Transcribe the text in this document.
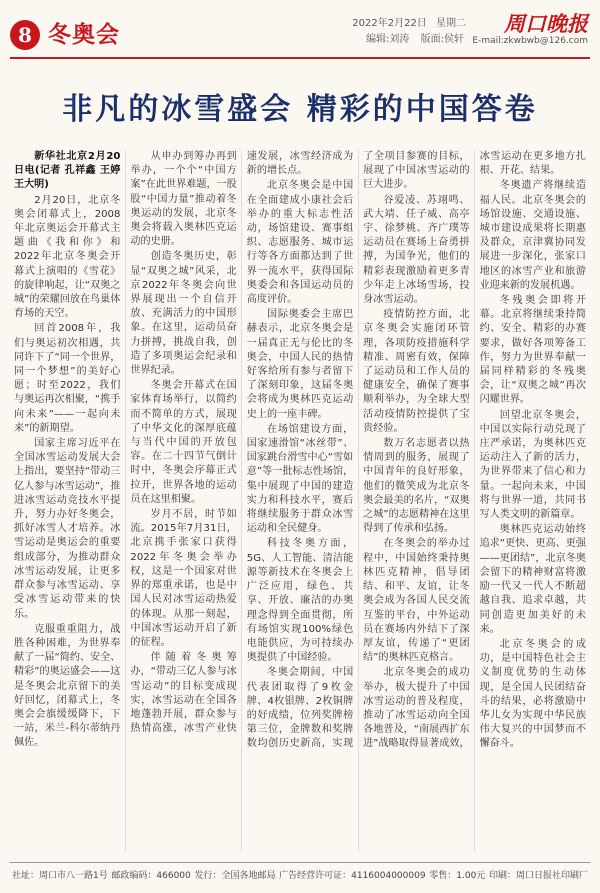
8 冬奥会	2022年2月22日 星期二
编辑:刘涛 版面:侯轩
周口晚报
E-mail:zkwbwb@126.com
非凡的冰雪盛会 精彩的中国答卷

新华社北京2月20日电(记者 孔祥鑫 王婷 王大明)

2月20日，北京冬奥会闭幕式上，2008年北京奥运会开幕式主题曲《我和你》和2022年北京冬奥会开幕式上演唱的《雪花》的旋律响起，让“双奥之城”的荣耀回放在鸟巢体育场的天空。

回首2008年，我们与奥运初次相遇，共同许下了“同一个世界，同一个梦想”的美好心愿；时至2022，我们与奥运再次相聚，“携手向未来”——一起向未来”的新期望。

国家主席习近平在全国冰雪运动发展大会上指出，要坚持“带动三亿人参与冰雪运动”，推进冰雪运动竞技水平提升，努力办好冬奥会，抓好冰雪人才培养。冰雪运动是奥运会的重要组成部分，为推动群众冰雪运动发展，让更多群众参与冰雪运动、享受冰雪运动带来的快乐。

克服重重阻力，战胜各种困难，为世界奉献了一届“简约、安全、精彩”的奥运盛会——这是冬奥会北京留下的美好回忆，闭幕式上，冬奥会会旗缓缓降下，下一站，米兰-科尔蒂纳丹佩佐。

从申办到筹办再到举办，一个个“中国方案”在此世界难题，一股股“中国力量”推动着冬奥运动的发展，北京冬奥会将载入奥林匹克运动的史册。

创造冬奥历史，彰显“双奥之城”风采，北京2022年冬奥会向世界展现出一个自信开放、充满活力的中国形象。在这里，运动员奋力拼搏，挑战自我，创造了多项奥运会纪录和世界纪录。

冬奥会开幕式在国家体育场举行，以简约而不简单的方式，展现了中华文化的深厚底蕴与当代中国的开放包容。在二十四节气倒计时中，冬奥会序幕正式拉开，世界各地的运动员在这里相聚。

岁月不居，时节如流。2015年7月31日，北京携手张家口获得2022年冬奥会举办权，这是一个国家对世界的郑重承诺，也是中国人民对冰雪运动热爱的体现。从那一刻起，中国冰雪运动开启了新的征程。

伴随着冬奥筹办，“带动三亿人参与冰雪运动”的目标变成现实，冰雪运动在全国各地蓬勃开展，群众参与热情高涨，冰雪产业快速发展，冰雪经济成为新的增长点。

北京冬奥会是中国在全面建成小康社会后举办的重大标志性活动，场馆建设、赛事组织、志愿服务、城市运行等各方面都达到了世界一流水平，获得国际奥委会和各国运动员的高度评价。

国际奥委会主席巴赫表示，北京冬奥会是一届真正无与伦比的冬奥会，中国人民的热情好客给所有参与者留下了深刻印象，这届冬奥会将成为奥林匹克运动史上的一座丰碑。

在场馆建设方面，国家速滑馆“冰丝带”、国家跳台滑雪中心“雪如意”等一批标志性场馆，集中展现了中国的建造实力和科技水平，赛后将继续服务于群众冰雪运动和全民健身。

科技冬奥方面，5G、人工智能、清洁能源等新技术在冬奥会上广泛应用，绿色、共享、开放、廉洁的办奥理念得到全面贯彻，所有场馆实现100%绿色电能供应，为可持续办奥提供了中国经验。

冬奥会期间，中国代表团取得了9枚金牌、4枚银牌、2枚铜牌的好成绩，位列奖牌榜第三位，金牌数和奖牌数均创历史新高，实现了全项目参赛的目标，展现了中国冰雪运动的巨大进步。

谷爱凌、苏翊鸣、武大靖、任子威、高亭宇、徐梦桃、齐广璞等运动员在赛场上奋勇拼搏，为国争光，他们的精彩表现激励着更多青少年走上冰场雪场，投身冰雪运动。

疫情防控方面，北京冬奥会实施闭环管理，各项防疫措施科学精准、周密有效，保障了运动员和工作人员的健康安全，确保了赛事顺利举办，为全球大型活动疫情防控提供了宝贵经验。

数万名志愿者以热情周到的服务，展现了中国青年的良好形象，他们的微笑成为北京冬奥会最美的名片，“双奥之城”的志愿精神在这里得到了传承和弘扬。

在冬奥会的举办过程中，中国始终秉持奥林匹克精神，倡导团结、和平、友谊，让冬奥会成为各国人民交流互鉴的平台，中外运动员在赛场内外结下了深厚友谊，传递了“更团结”的奥林匹克格言。

北京冬奥会的成功举办，极大提升了中国冰雪运动的普及程度，推动了冰雪运动向全国各地普及，“南展西扩东进”战略取得显著成效，冰雪运动在更多地方扎根、开花、结果。

冬奥遗产将继续造福人民。北京冬奥会的场馆设施、交通设施、城市建设成果将长期惠及群众，京津冀协同发展进一步深化，张家口地区的冰雪产业和旅游业迎来新的发展机遇。

冬残奥会即将开幕。北京将继续秉持简约、安全、精彩的办赛要求，做好各项筹备工作，努力为世界奉献一届同样精彩的冬残奥会，让“双奥之城”再次闪耀世界。

回望北京冬奥会，中国以实际行动兑现了庄严承诺，为奥林匹克运动注入了新的活力，为世界带来了信心和力量。一起向未来，中国将与世界一道，共同书写人类文明的新篇章。

奥林匹克运动始终追求“更快、更高、更强——更团结”，北京冬奥会留下的精神财富将激励一代又一代人不断超越自我、追求卓越，共同创造更加美好的未来。

北京冬奥会的成功，是中国特色社会主义制度优势的生动体现，是全国人民团结奋斗的结果，必将激励中华儿女为实现中华民族伟大复兴的中国梦而不懈奋斗。

社址：周口市八一路1号 邮政编码：466000 发行：全国各地邮局 广告经营许可证：4116004000009 零售：1.00元 印刷：周口日报社印刷厂
